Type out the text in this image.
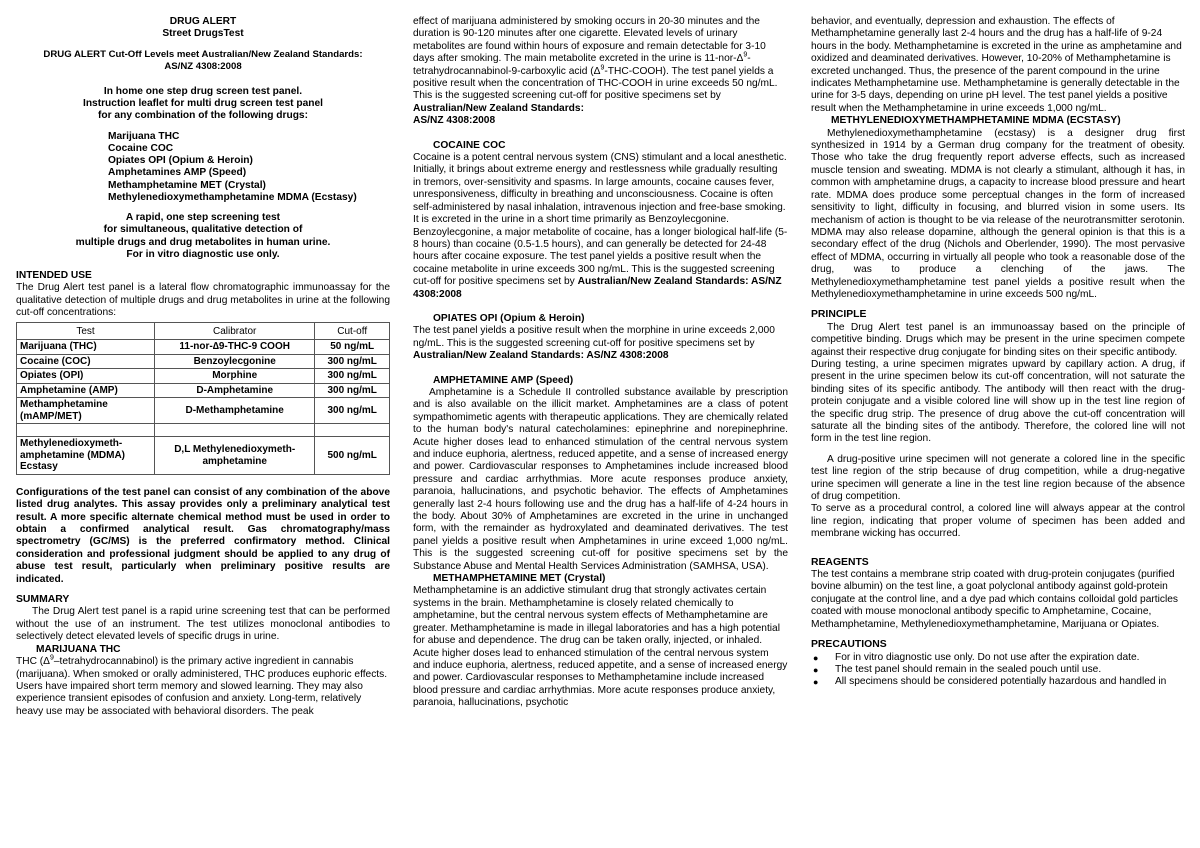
DRUG ALERT

Street DrugsTest

DRUG ALERT Cut-Off Levels meet Australian/New Zealand Standards:

AS/NZ 4308:2008

In home one step drug screen test panel.

Instruction leaflet for multi drug screen test panel

for any combination of the following drugs:

Marijuana THC

Cocaine COC

Opiates OPI (Opium & Heroin)

Amphetamines AMP (Speed)

Methamphetamine MET (Crystal)

Methylenedioxymethamphetamine MDMA (Ecstasy)

A rapid, one step screening test

for simultaneous, qualitative detection of

multiple drugs and drug metabolites in human urine.

For in vitro diagnostic use only.

INTENDED USE

The Drug Alert test panel is a lateral flow chromatographic immunoassay for the qualitative detection of multiple drugs and drug metabolites in urine at the following cut-off concentrations:

Test	Calibrator	Cut-off
Marijuana (THC)	11-nor-∆9-THC-9 COOH	50 ng/mL
Cocaine (COC)	Benzoylecgonine	300 ng/mL
Opiates (OPI)	Morphine	300 ng/mL
Amphetamine (AMP)	D-Amphetamine	300 ng/mL
Methamphetamine (mAMP/MET)	D-Methamphetamine	300 ng/mL

Methylenedioxymeth-amphetamine (MDMA) Ecstasy	D,L Methylenedioxymeth-amphetamine	500 ng/mL

Configurations of the test panel can consist of any combination of the above listed drug analytes. This assay provides only a preliminary analytical test result. A more specific alternate chemical method must be used in order to obtain a confirmed analytical result. Gas chromatography/mass spectrometry (GC/MS) is the preferred confirmatory method. Clinical consideration and professional judgment should be applied to any drug of abuse test result, particularly when preliminary positive results are indicated.

SUMMARY

The Drug Alert test panel is a rapid urine screening test that can be performed without the use of an instrument. The test utilizes monoclonal antibodies to selectively detect elevated levels of specific drugs in urine.

MARIJUANA THC

THC $(\Delta^9-tetrahydrocannabinol)$ is the primary active ingredient in cannabis (marijuana). When smoked or orally administered, THC produces euphoric effects. Users have impaired short term memory and slowed learning. They may also experience transient episodes of confusion and anxiety. Long-term, relatively heavy use may be associated with behavioral disorders. The peak

effect of marijuana administered by smoking occurs in 20-30 minutes and the duration is 90-120 minutes after one cigarette. Elevated levels of urinary metabolites are found within hours of exposure and remain detectable for 3-10 days after smoking. The main metabolite excreted in the urine is $11-nor-\Delta^9-tetrahydrocannabinol-9$-carboxylic acid $(\Delta^9-THC-COOH)$. The test panel yields a positive result when the concentration of THC-COOH in urine exceeds 50 ng/mL. This is the suggested screening cut-off for positive specimens set by Australian/New Zealand Standards:

AS/NZ 4308:2008

COCAINE COC

Cocaine is a potent central nervous system (CNS) stimulant and a local anesthetic. Initially, it brings about extreme energy and restlessness while gradually resulting in tremors, over-sensitivity and spasms. In large amounts, cocaine causes fever, unresponsiveness, difficulty in breathing and unconsciousness. Cocaine is often self-administered by nasal inhalation, intravenous injection and free-base smoking. It is excreted in the urine in a short time primarily as Benzoylecgonine. Benzoylecgonine, a major metabolite of cocaine, has a longer biological half-life (5-8 hours) than cocaine (0.5-1.5 hours), and can generally be detected for 24-48 hours after cocaine exposure. The test panel yields a positive result when the cocaine metabolite in urine exceeds 300 ng/mL. This is the suggested screening cut-off for positive specimens set by Australian/New Zealand Standards: AS/NZ 4308:2008

OPIATES OPI (Opium & Heroin)

The test panel yields a positive result when the morphine in urine exceeds 2,000 ng/mL. This is the suggested screening cut-off for positive specimens set by Australian/New Zealand Standards: AS/NZ 4308:2008

AMPHETAMINE AMP (Speed)

Amphetamine is a Schedule II controlled substance available by prescription and is also available on the illicit market. Amphetamines are a class of potent sympathomimetic agents with therapeutic applications. They are chemically related to the human body's natural catecholamines: epinephrine and norepinephrine. Acute higher doses lead to enhanced stimulation of the central nervous system and induce euphoria, alertness, reduced appetite, and a sense of increased energy and power. Cardiovascular responses to Amphetamines include increased blood pressure and cardiac arrhythmias. More acute responses produce anxiety, paranoia, hallucinations, and psychotic behavior. The effects of Amphetamines generally last 2-4 hours following use and the drug has a half-life of 4-24 hours in the body. About 30% of Amphetamines are excreted in the urine in unchanged form, with the remainder as hydroxylated and deaminated derivatives. The test panel yields a positive result when Amphetamines in urine exceed 1,000 ng/mL. This is the suggested screening cut-off for positive specimens set by the Substance Abuse and Mental Health Services Administration (SAMHSA, USA).

METHAMPHETAMINE MET (Crystal)

Methamphetamine is an addictive stimulant drug that strongly activates certain systems in the brain. Methamphetamine is closely related chemically to amphetamine, but the central nervous system effects of Methamphetamine are greater. Methamphetamine is made in illegal laboratories and has a high potential for abuse and dependence. The drug can be taken orally, injected, or inhaled. Acute higher doses lead to enhanced stimulation of the central nervous system and induce euphoria, alertness, reduced appetite, and a sense of increased energy and power. Cardiovascular responses to Methamphetamine include increased blood pressure and cardiac arrhythmias. More acute responses produce anxiety, paranoia, hallucinations, psychotic

behavior, and eventually, depression and exhaustion. The effects of Methamphetamine generally last 2-4 hours and the drug has a half-life of 9-24 hours in the body. Methamphetamine is excreted in the urine as amphetamine and oxidized and deaminated derivatives. However, 10-20% of Methamphetamine is excreted unchanged. Thus, the presence of the parent compound in the urine indicates Methamphetamine use. Methamphetamine is generally detectable in the urine for 3-5 days, depending on urine pH level. The test panel yields a positive result when the Methamphetamine in urine exceeds 1,000 ng/mL.

METHYLENEDIOXYMETHAMPHETAMINE MDMA (ECSTASY)

Methylenedioxymethamphetamine (ecstasy) is a designer drug first synthesized in 1914 by a German drug company for the treatment of obesity. Those who take the drug frequently report adverse effects, such as increased muscle tension and sweating. MDMA is not clearly a stimulant, although it has, in common with amphetamine drugs, a capacity to increase blood pressure and heart rate. MDMA does produce some perceptual changes in the form of increased sensitivity to light, difficulty in focusing, and blurred vision in some users. Its mechanism of action is thought to be via release of the neurotransmitter serotonin. MDMA may also release dopamine, although the general opinion is that this is a secondary effect of the drug (Nichols and Oberlender, 1990). The most pervasive effect of MDMA, occurring in virtually all people who took a reasonable dose of the drug, was to produce a clenching of the jaws. The Methylenedioxymethamphetamine test panel yields a positive result when the Methylenedioxymethamphetamine in urine exceeds 500 ng/mL.

PRINCIPLE

The Drug Alert test panel is an immunoassay based on the principle of competitive binding. Drugs which may be present in the urine specimen compete against their respective drug conjugate for binding sites on their specific antibody.

During testing, a urine specimen migrates upward by capillary action. A drug, if present in the urine specimen below its cut-off concentration, will not saturate the binding sites of its specific antibody. The antibody will then react with the drug-protein conjugate and a visible colored line will show up in the test line region of the specific drug strip. The presence of drug above the cut-off concentration will saturate all the binding sites of the antibody. Therefore, the colored line will not form in the test line region.

A drug-positive urine specimen will not generate a colored line in the specific test line region of the strip because of drug competition, while a drug-negative urine specimen will generate a line in the test line region because of the absence of drug competition.

To serve as a procedural control, a colored line will always appear at the control line region, indicating that proper volume of specimen has been added and membrane wicking has occurred.

REAGENTS

The test contains a membrane strip coated with drug-protein conjugates (purified bovine albumin) on the test line, a goat polyclonal antibody against gold-protein conjugate at the control line, and a dye pad which contains colloidal gold particles coated with mouse monoclonal antibody specific to Amphetamine, Cocaine, Methamphetamine, Methylenedioxymethamphetamine, Marijuana or Opiates.

PRECAUTIONS

● For in vitro diagnostic use only. Do not use after the expiration date.

● The test panel should remain in the sealed pouch until use.

● All specimens should be considered potentially hazardous and handled in
